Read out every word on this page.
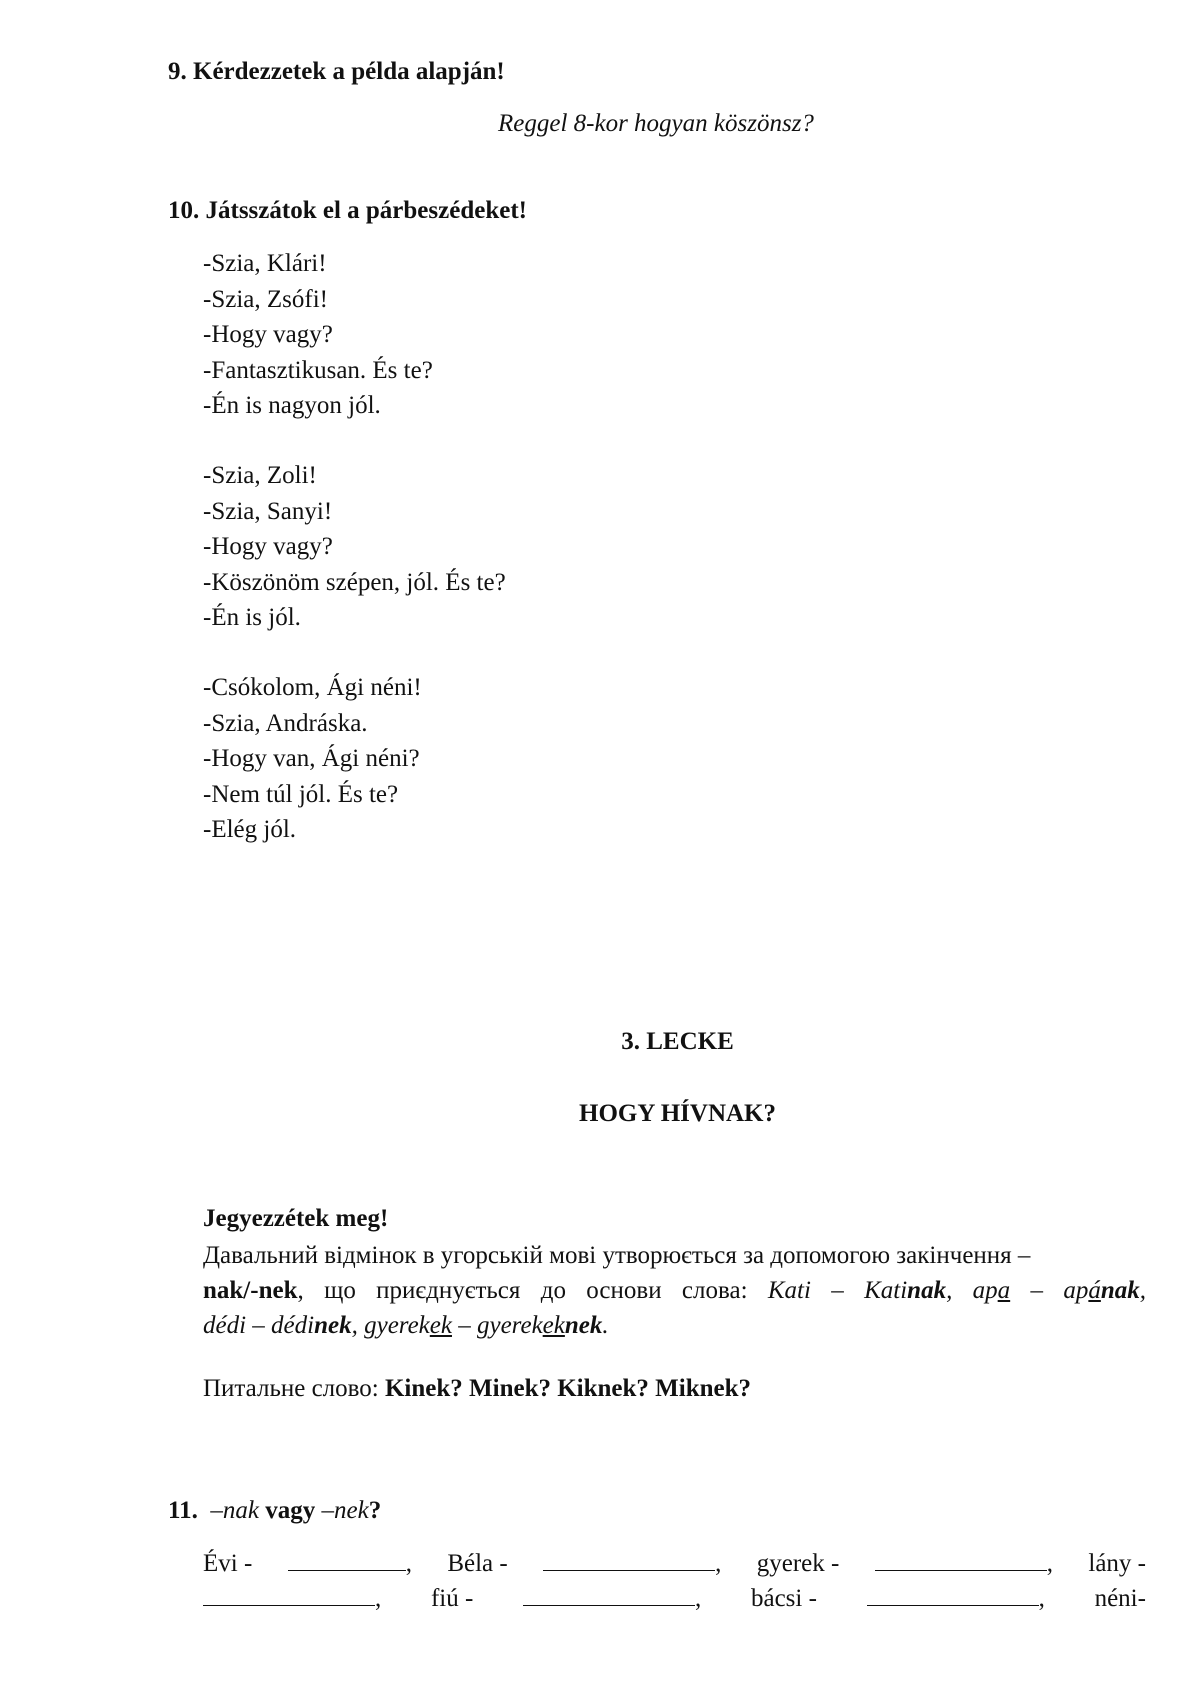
9. Kérdezzetek a példa alapján!
Reggel 8-kor hogyan köszönsz?
10. Játsszátok el a párbeszédeket!
-Szia, Klári!
-Szia, Zsófi!
-Hogy vagy?
-Fantasztikusan. És te?
-Én is nagyon jól.
-Szia, Zoli!
-Szia, Sanyi!
-Hogy vagy?
-Köszönöm szépen, jól. És te?
-Én is jól.
-Csókolom, Ági néni!
-Szia, Andráska.
-Hogy van, Ági néni?
-Nem túl jól. És te?
-Elég jól.
3. LECKE
HOGY HÍVNAK?
Jegyezzétek meg!
Давальний відмінок в угорській мові утворюється за допомогою закінчення –
nak/-nek, що приєднується до основи слова: Kati – Katinak, apa – apának,
dédi – dédinek, gyerekek – gyerekeknek.
Питальне слово: Kinek? Minek? Kiknek? Miknek?
11. –nak vagy –nek?
Évi -	, Béla -	, gyerek -	, lány -
, fiú -	, bácsi -	, néni-
